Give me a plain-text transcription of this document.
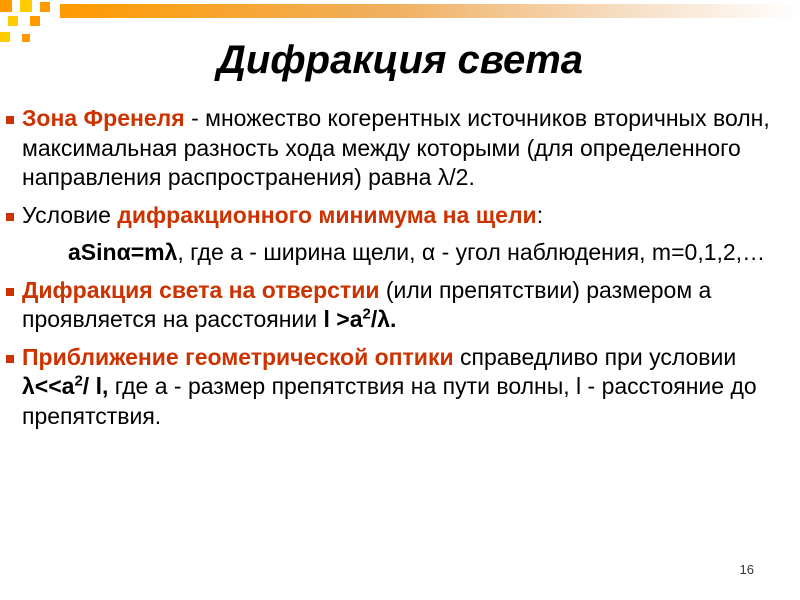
Дифракция света
Зона Френеля - множество когерентных источников вторичных волн, максимальная разность хода между которыми (для определенного направления распространения) равна λ/2.
Условие дифракционного минимума на щели:
aSinα=mλ, где a - ширина щели, α - угол наблюдения, m=0,1,2,…
Дифракция света на отверстии (или препятствии) размером а проявляется на расстоянии $l >a^2/\lambda$.
Приближение геометрической оптики справедливо при условии $\lambda<<a^2/$ l, где a - размер препятствия на пути волны, l - расстояние до препятствия.
16
